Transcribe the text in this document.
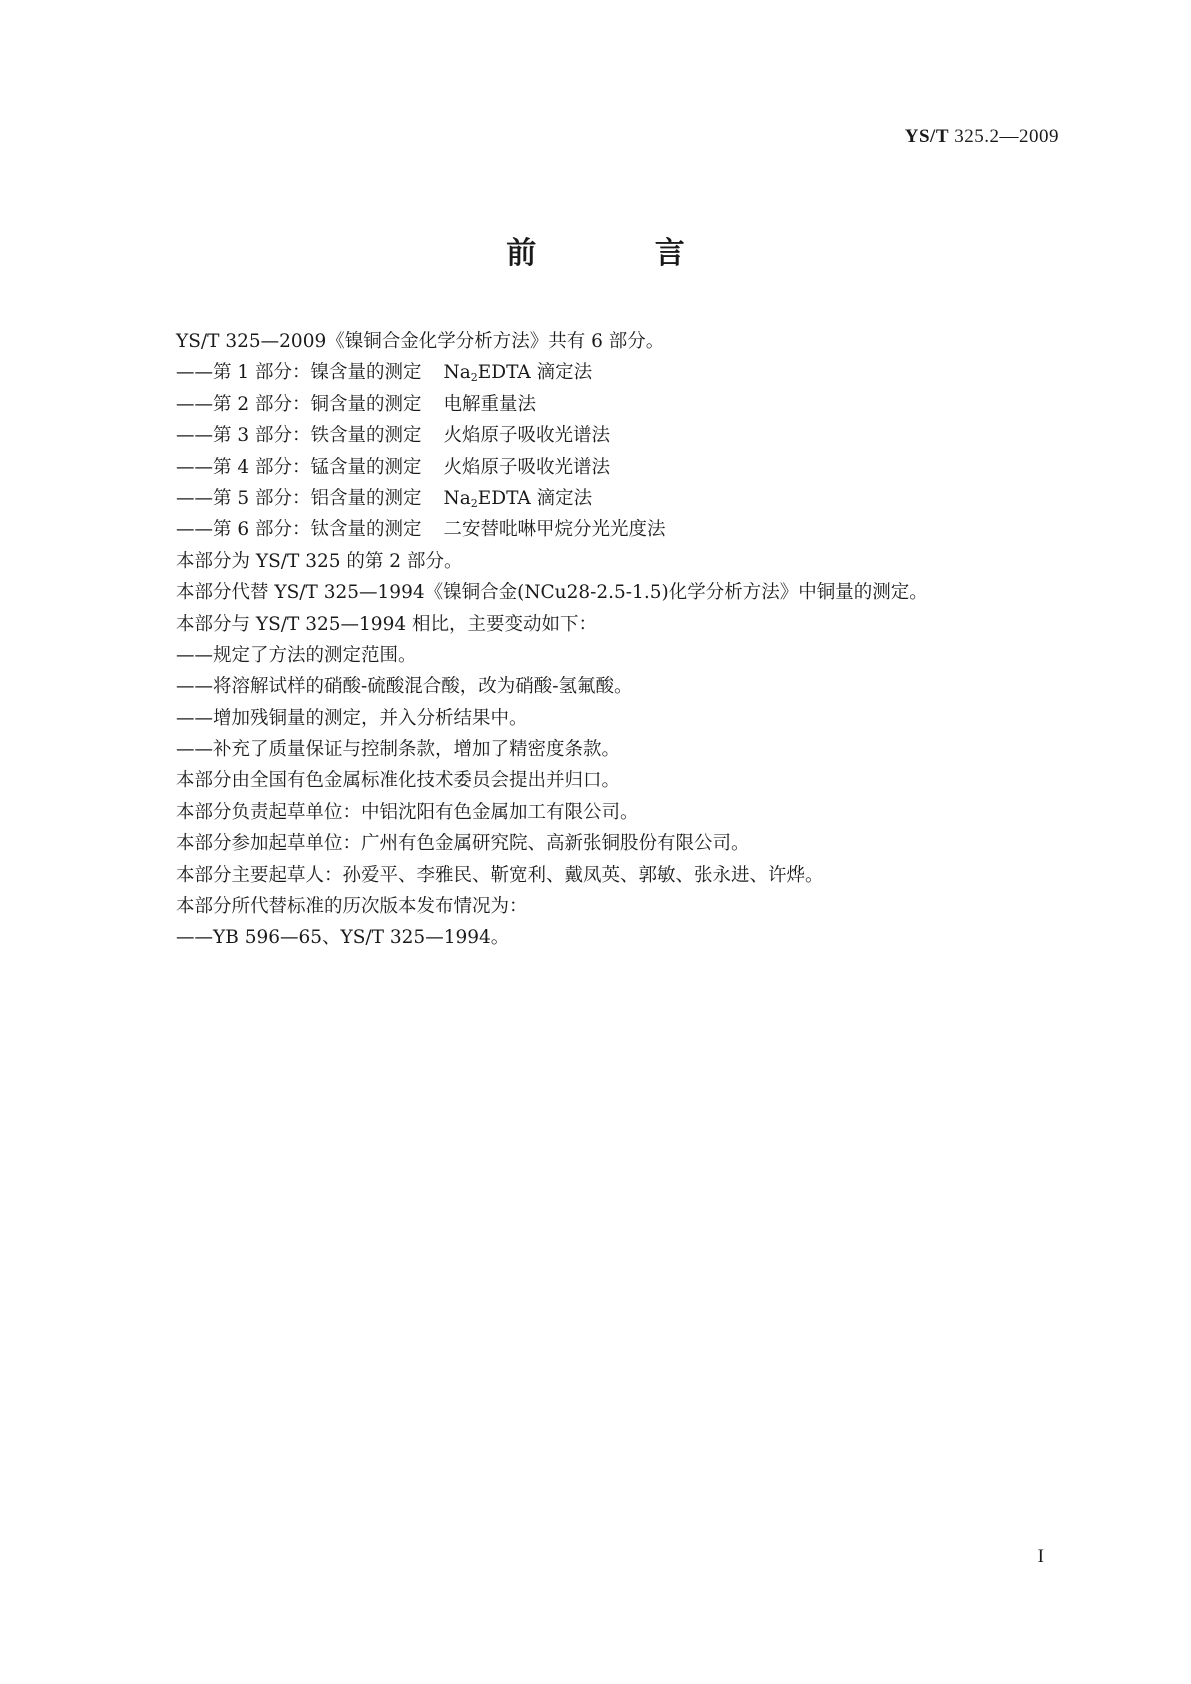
YS/T 325.2—2009
前 言
YS/T 325—2009《镍铜合金化学分析方法》共有 6 部分。
——第 1 部分：镍含量的测定 $Na_2EDTA$ 滴定法
——第 2 部分：铜含量的测定 电解重量法
——第 3 部分：铁含量的测定 火焰原子吸收光谱法
——第 4 部分：锰含量的测定 火焰原子吸收光谱法
——第 5 部分：铝含量的测定 $Na_2EDTA$ 滴定法
——第 6 部分：钛含量的测定 二安替吡啉甲烷分光光度法
本部分为 YS/T 325 的第 2 部分。
本部分代替 YS/T 325—1994《镍铜合金(NCu28-2.5-1.5)化学分析方法》中铜量的测定。
本部分与 YS/T 325—1994 相比，主要变动如下：
——规定了方法的测定范围。
——将溶解试样的硝酸-硫酸混合酸，改为硝酸-氢氟酸。
——增加残铜量的测定，并入分析结果中。
——补充了质量保证与控制条款，增加了精密度条款。
本部分由全国有色金属标准化技术委员会提出并归口。
本部分负责起草单位：中铝沈阳有色金属加工有限公司。
本部分参加起草单位：广州有色金属研究院、高新张铜股份有限公司。
本部分主要起草人：孙爱平、李雅民、靳宽利、戴凤英、郭敏、张永进、许烨。
本部分所代替标准的历次版本发布情况为：
——YB 596—65、YS/T 325—1994。
I
